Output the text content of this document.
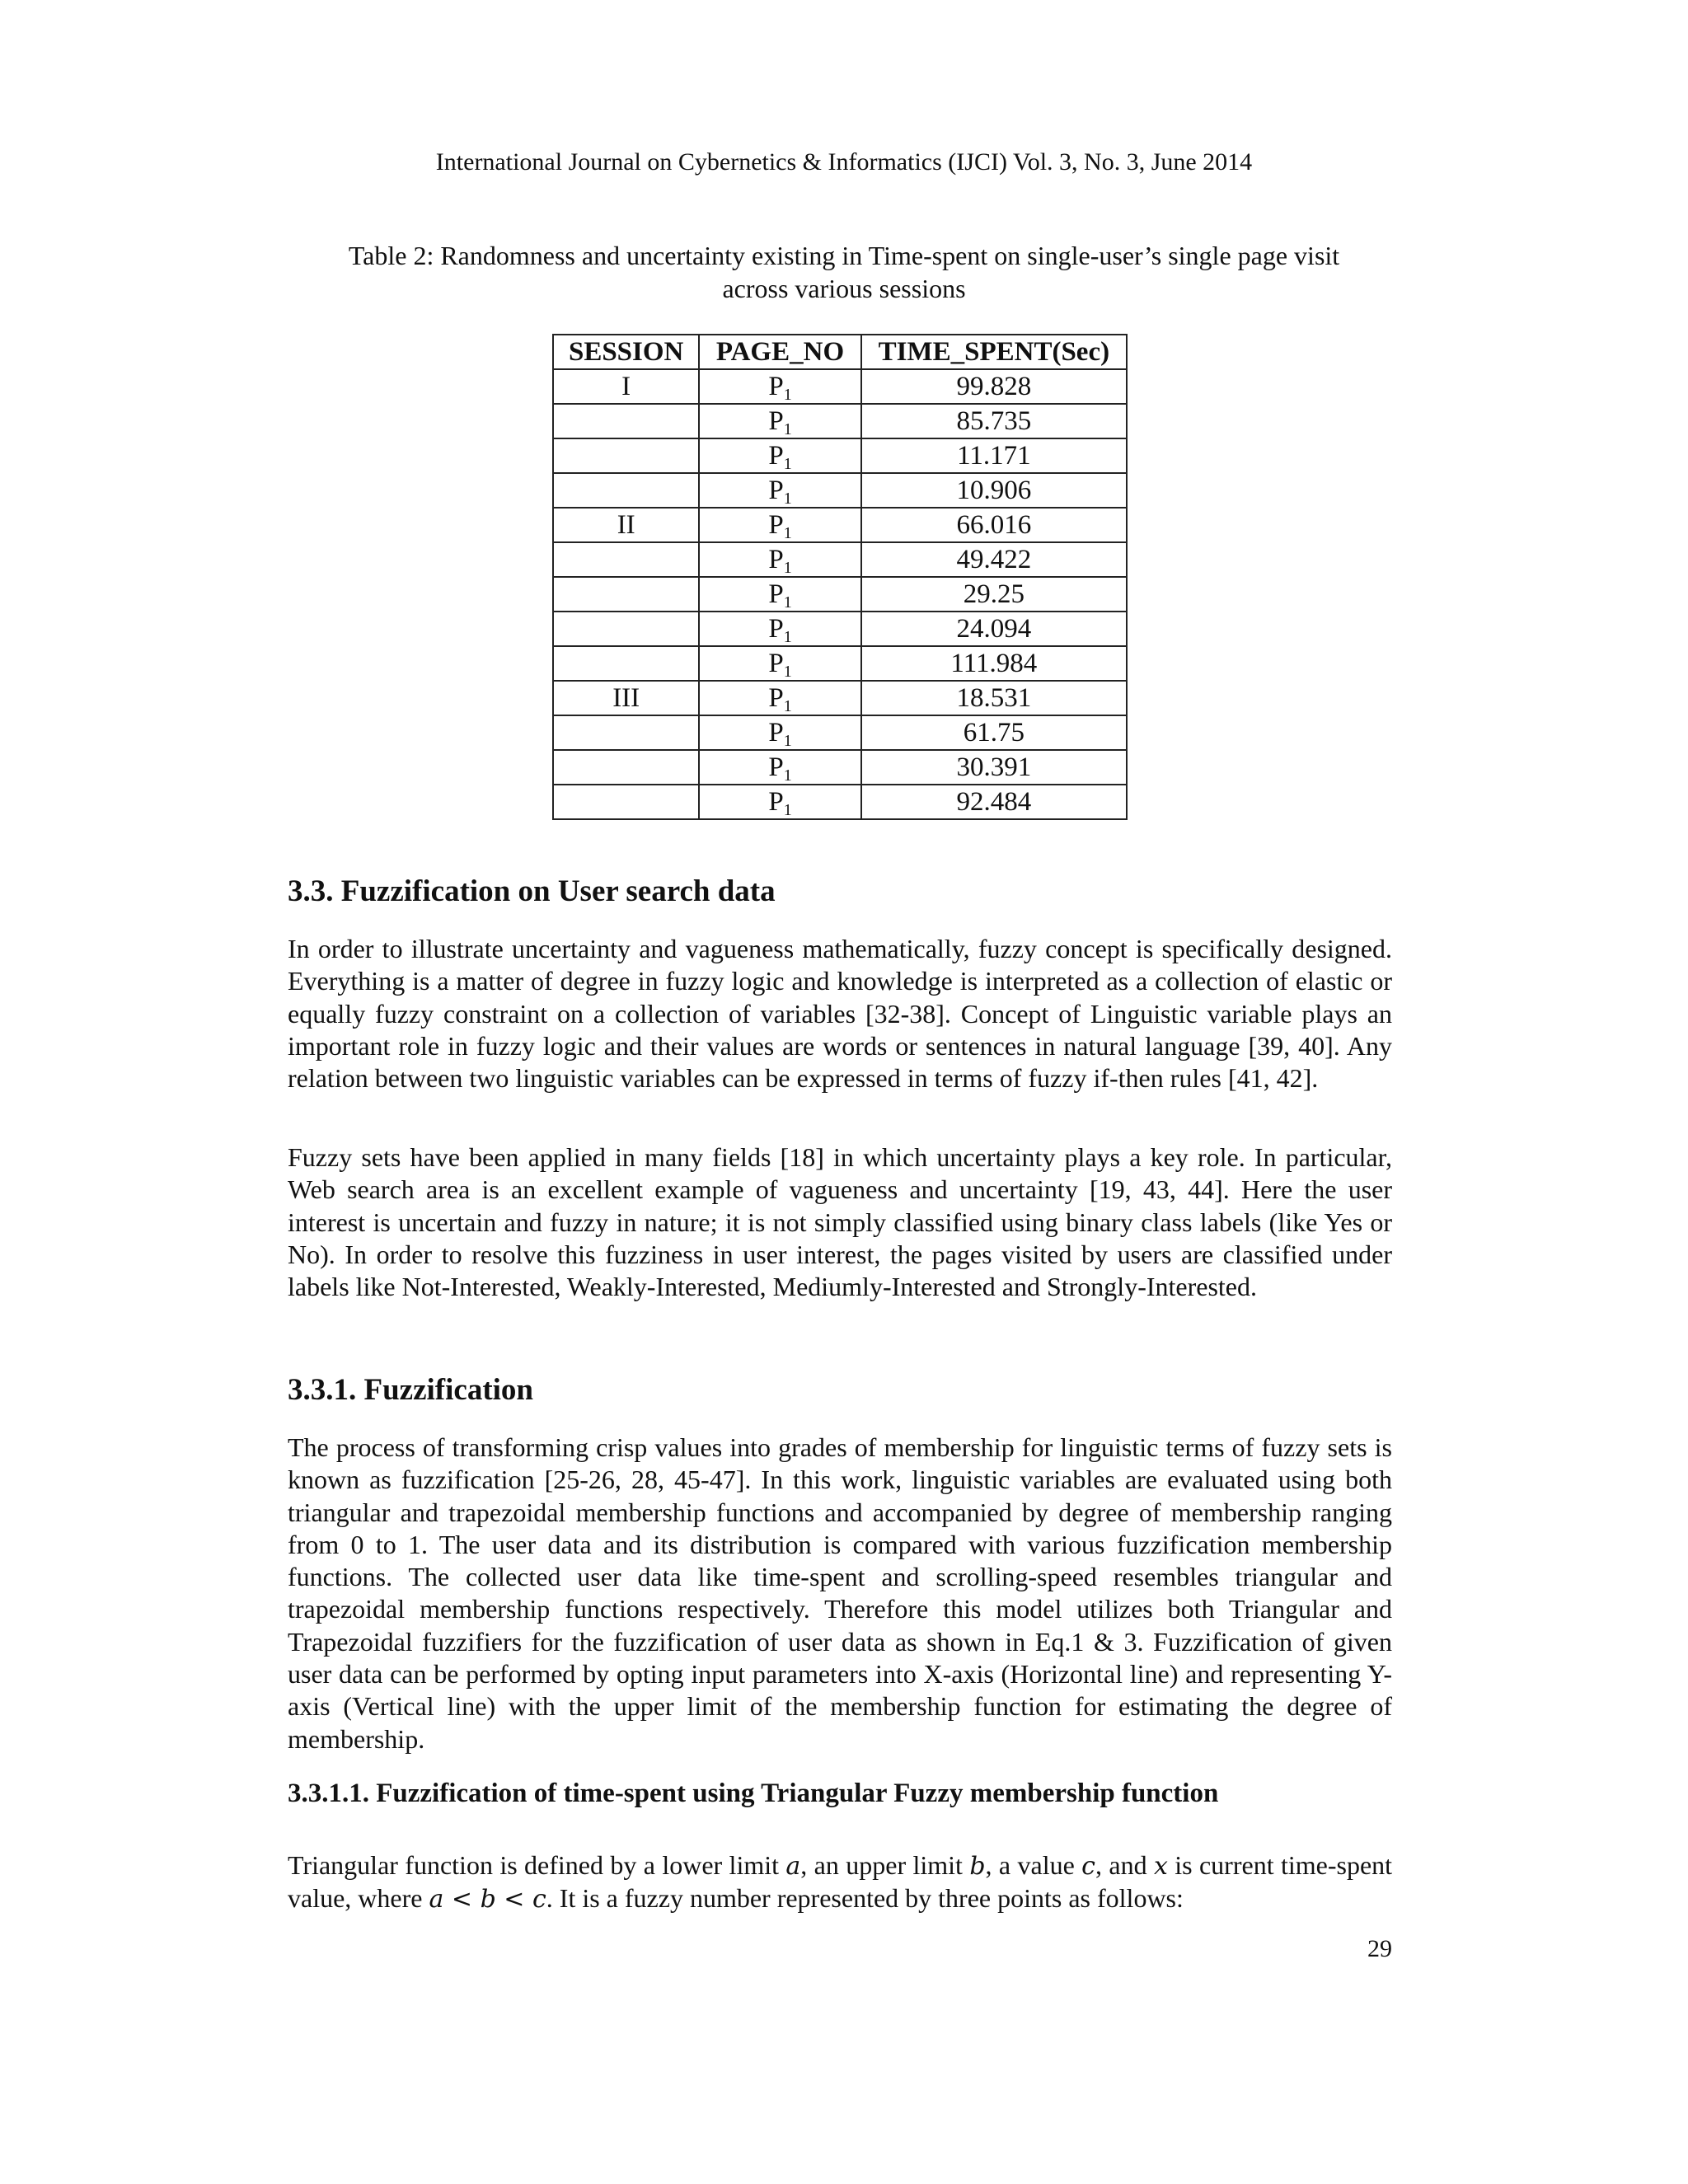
International Journal on Cybernetics & Informatics (IJCI) Vol. 3, No. 3, June 2014
Table 2: Randomness and uncertainty existing in Time-spent on single-user’s single page visit
across various sessions
SESSION	PAGE_NO	TIME_SPENT(Sec)
I	$P_1$	99.828
	$P_1$	85.735
	$P_1$	11.171
	$P_1$	10.906
II	$P_1$	66.016
	$P_1$	49.422
	$P_1$	29.25
	$P_1$	24.094
	$P_1$	111.984
III	$P_1$	18.531
	$P_1$	61.75
	$P_1$	30.391
	$P_1$	92.484
3.3. Fuzzification on User search data

In order to illustrate uncertainty and vagueness mathematically, fuzzy concept is specifically designed. Everything is a matter of degree in fuzzy logic and knowledge is interpreted as a collection of elastic or equally fuzzy constraint on a collection of variables [32-38]. Concept of Linguistic variable plays an important role in fuzzy logic and their values are words or sentences in natural language [39, 40]. Any relation between two linguistic variables can be expressed in terms of fuzzy if-then rules [41, 42].

Fuzzy sets have been applied in many fields [18] in which uncertainty plays a key role. In particular, Web search area is an excellent example of vagueness and uncertainty [19, 43, 44]. Here the user interest is uncertain and fuzzy in nature; it is not simply classified using binary class labels (like Yes or No). In order to resolve this fuzziness in user interest, the pages visited by users are classified under labels like Not-Interested, Weakly-Interested, Mediumly-Interested and Strongly-Interested.

3.3.1. Fuzzification

The process of transforming crisp values into grades of membership for linguistic terms of fuzzy sets is known as fuzzification [25-26, 28, 45-47]. In this work, linguistic variables are evaluated using both triangular and trapezoidal membership functions and accompanied by degree of membership ranging from 0 to 1. The user data and its distribution is compared with various fuzzification membership functions. The collected user data like time-spent and scrolling-speed resembles triangular and trapezoidal membership functions respectively. Therefore this model utilizes both Triangular and Trapezoidal fuzzifiers for the fuzzification of user data as shown in Eq.1 & 3. Fuzzification of given user data can be performed by opting input parameters into X-axis (Horizontal line) and representing Y-axis (Vertical line) with the upper limit of the membership function for estimating the degree of membership.

3.3.1.1. Fuzzification of time-spent using Triangular Fuzzy membership function

Triangular function is defined by a lower limit a, an upper limit b, a value c, and x is current time-spent value, where a < b < c. It is a fuzzy number represented by three points as follows:

29
